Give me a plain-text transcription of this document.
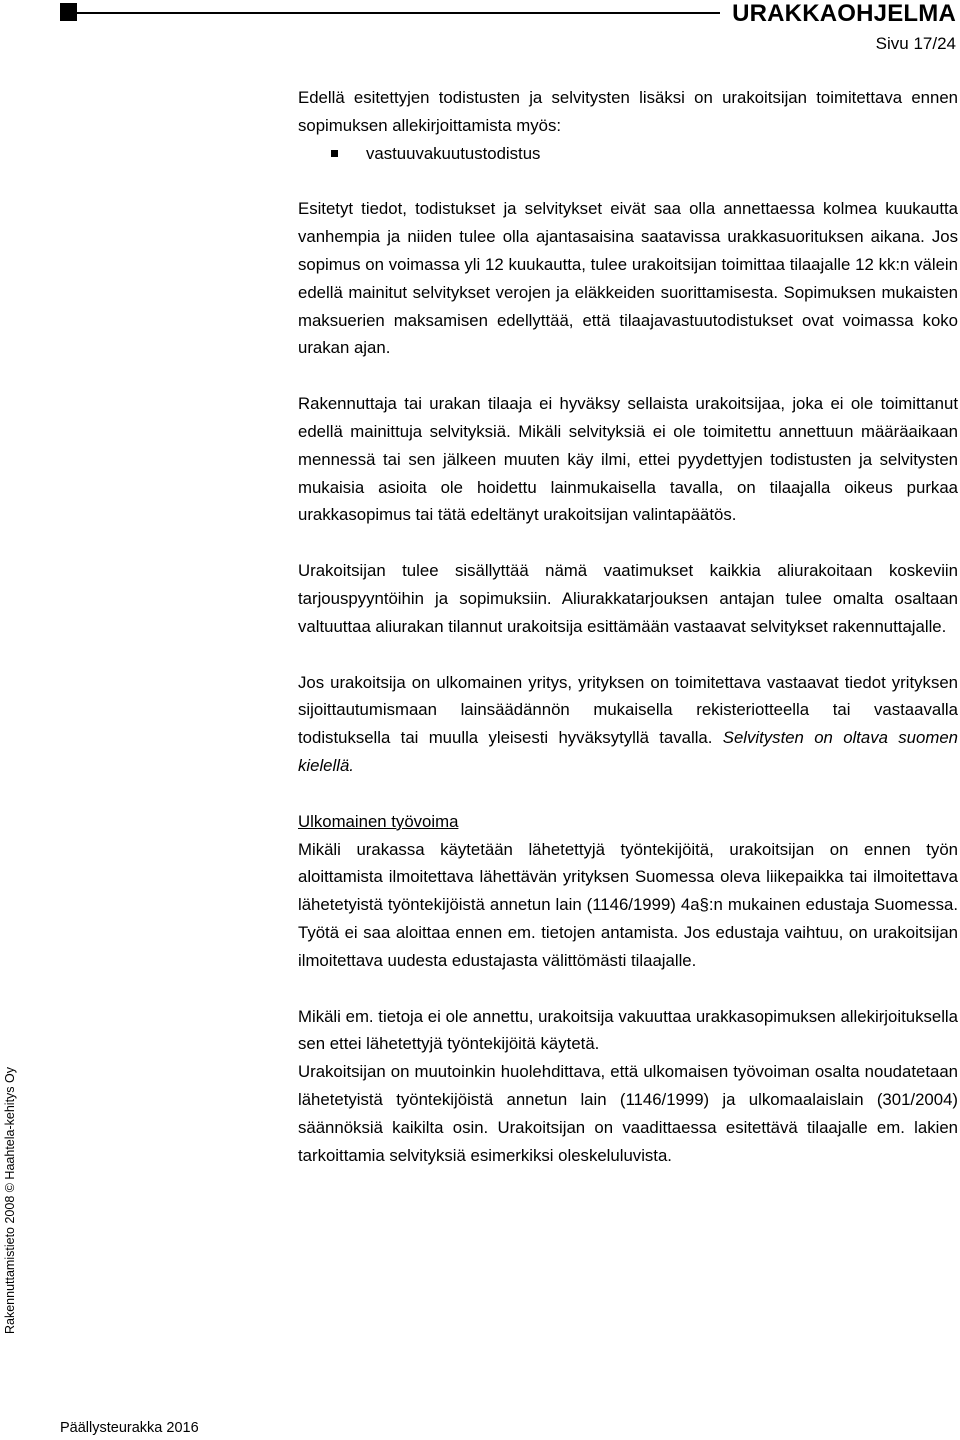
URAKKAOHJELMA
Sivu 17/24

Edellä esitettyjen todistusten ja selvitysten lisäksi on urakoitsijan toimitettava ennen sopimuksen allekirjoittamista myös:

vastuuvakuutustodistus

Esitetyt tiedot, todistukset ja selvitykset eivät saa olla annettaessa kolmea kuukautta vanhempia ja niiden tulee olla ajantasaisina saatavissa urakkasuorituksen aikana. Jos sopimus on voimassa yli 12 kuukautta, tulee urakoitsijan toimittaa tilaajalle 12 kk:n välein edellä mainitut selvitykset verojen ja eläkkeiden suorittamisesta. Sopimuksen mukaisten maksuerien maksamisen edellyttää, että tilaajavastuutodistukset ovat voimassa koko urakan ajan.

Rakennuttaja tai urakan tilaaja ei hyväksy sellaista urakoitsijaa, joka ei ole toimittanut edellä mainittuja selvityksiä. Mikäli selvityksiä ei ole toimitettu annettuun määräaikaan mennessä tai sen jälkeen muuten käy ilmi, ettei pyydettyjen todistusten ja selvitysten mukaisia asioita ole hoidettu lainmukaisella tavalla, on tilaajalla oikeus purkaa urakkasopimus tai tätä edeltänyt urakoitsijan valintapäätös.

Urakoitsijan tulee sisällyttää nämä vaatimukset kaikkia aliurakoitaan koskeviin tarjouspyyntöihin ja sopimuksiin. Aliurakkatarjouksen antajan tulee omalta osaltaan valtuuttaa aliurakan tilannut urakoitsija esittämään vastaavat selvitykset rakennuttajalle.

Jos urakoitsija on ulkomainen yritys, yrityksen on toimitettava vastaavat tiedot yrityksen sijoittautumismaan lainsäädännön mukaisella rekisteriotteella tai vastaavalla todistuksella tai muulla yleisesti hyväksytyllä tavalla. Selvitysten on oltava suomen kielellä.

Ulkomainen työvoima

Mikäli urakassa käytetään lähetettyjä työntekijöitä, urakoitsijan on ennen työn aloittamista ilmoitettava lähettävän yrityksen Suomessa oleva liikepaikka tai ilmoitettava lähetetyistä työntekijöistä annetun lain (1146/1999) 4a§:n mukainen edustaja Suomessa. Työtä ei saa aloittaa ennen em. tietojen antamista. Jos edustaja vaihtuu, on urakoitsijan ilmoitettava uudesta edustajasta välittömästi tilaajalle.

Mikäli em. tietoja ei ole annettu, urakoitsija vakuuttaa urakkasopimuksen allekirjoituksella sen ettei lähetettyjä työntekijöitä käytetä.

Urakoitsijan on muutoinkin huolehdittava, että ulkomaisen työvoiman osalta noudatetaan lähetetyistä työntekijöistä annetun lain (1146/1999) ja ulkomaalaislain (301/2004) säännöksiä kaikilta osin. Urakoitsijan on vaadittaessa esitettävä tilaajalle em. lakien tarkoittamia selvityksiä esimerkiksi oleskeluluvista.

Rakennuttamistieto 2008 © Haahtela-kehitys Oy
Päällysteurakka 2016
